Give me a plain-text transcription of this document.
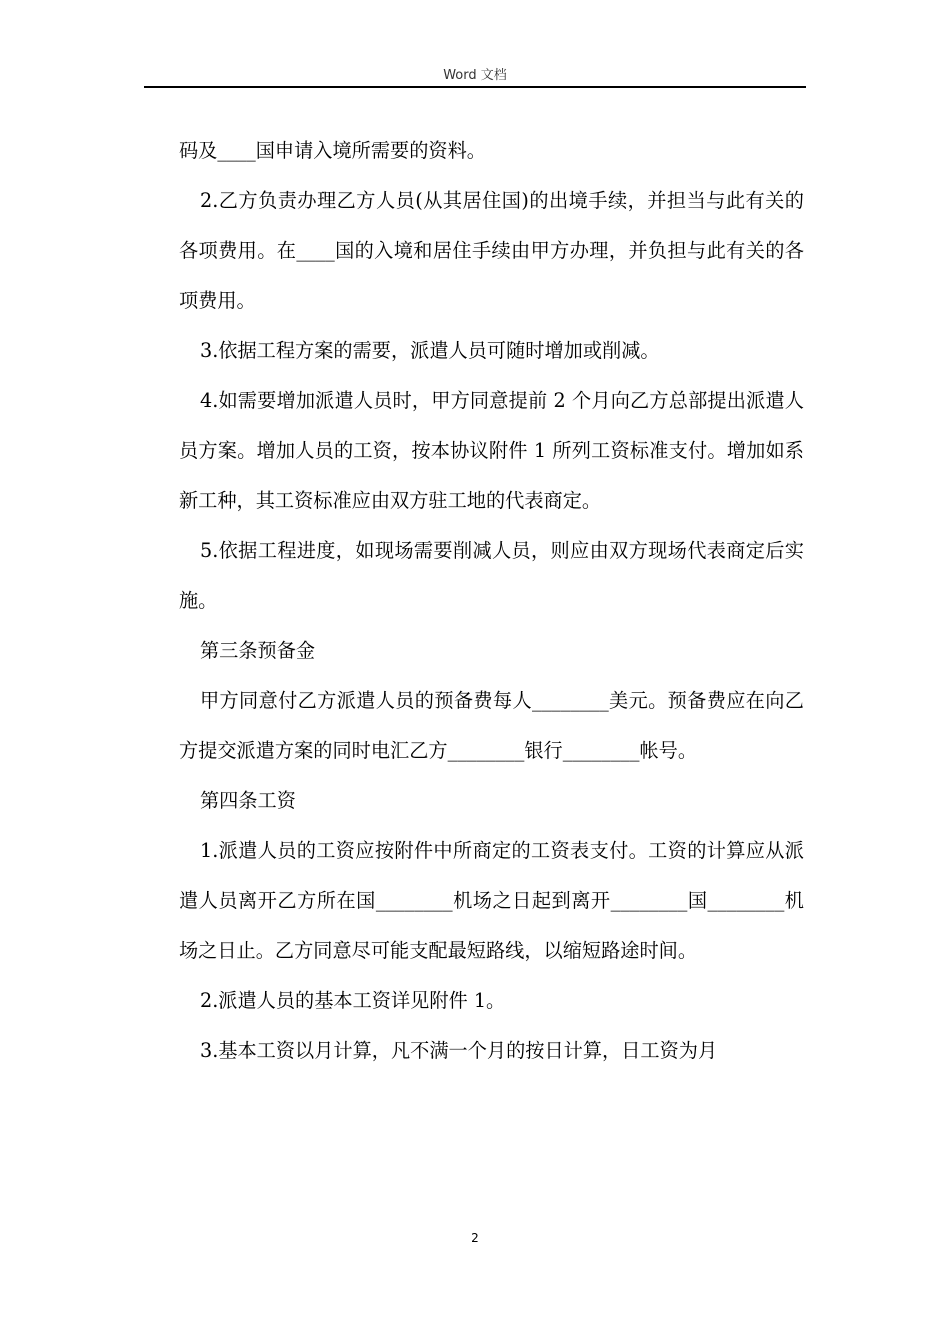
Word 文档

码及____国申请入境所需要的资料。

2.乙方负责办理乙方人员(从其居住国)的出境手续，并担当与此有关的各项费用。在____国的入境和居住手续由甲方办理，并负担与此有关的各项费用。

3.依据工程方案的需要，派遣人员可随时增加或削减。

4.如需要增加派遣人员时，甲方同意提前 2 个月向乙方总部提出派遣人员方案。增加人员的工资，按本协议附件 1 所列工资标准支付。增加如系新工种，其工资标准应由双方驻工地的代表商定。

5.依据工程进度，如现场需要削减人员，则应由双方现场代表商定后实施。

第三条预备金

甲方同意付乙方派遣人员的预备费每人________美元。预备费应在向乙方提交派遣方案的同时电汇乙方________银行________帐号。

第四条工资

1.派遣人员的工资应按附件中所商定的工资表支付。工资的计算应从派遣人员离开乙方所在国________机场之日起到离开________国________机场之日止。乙方同意尽可能支配最短路线，以缩短路途时间。

2.派遣人员的基本工资详见附件 1。

3.基本工资以月计算，凡不满一个月的按日计算，日工资为月

2
